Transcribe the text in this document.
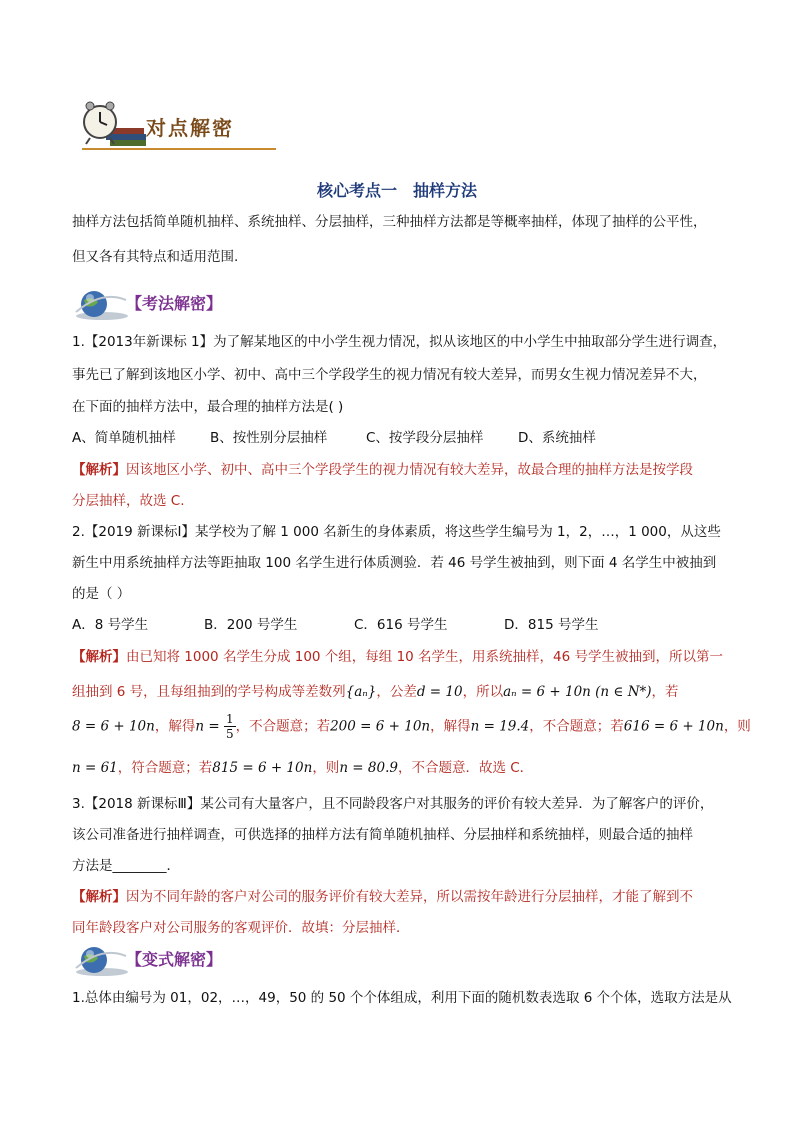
对点解密
核心考点一 抽样方法
抽样方法包括简单随机抽样、系统抽样、分层抽样，三种抽样方法都是等概率抽样，体现了抽样的公平性，
但又各有其特点和适用范围.
【考法解密】
1.【2013年新课标 1】为了解某地区的中小学生视力情况，拟从该地区的中小学生中抽取部分学生进行调查，
事先已了解到该地区小学、初中、高中三个学段学生的视力情况有较大差异，而男女生视力情况差异不大，
在下面的抽样方法中，最合理的抽样方法是( )
A、简单随机抽样	B、按性别分层抽样	C、按学段分层抽样	D、系统抽样
【解析】因该地区小学、初中、高中三个学段学生的视力情况有较大差异，故最合理的抽样方法是按学段
分层抽样，故选 C.
2.【2019 新课标Ⅰ】某学校为了解 1 000 名新生的身体素质，将这些学生编号为 1，2，…，1 000，从这些
新生中用系统抽样方法等距抽取 100 名学生进行体质测验．若 46 号学生被抽到，则下面 4 名学生中被抽到
的是（ ）
A．8 号学生	B．200 号学生	C．616 号学生	D．815 号学生
【解析】由已知将 1000 名学生分成 100 个组，每组 10 名学生，用系统抽样，46 号学生被抽到，所以第一
组抽到 6 号，且每组抽到的学号构成等差数列{aₙ}，公差d = 10，所以aₙ = 6 + 10n (n ∈ N*)，若
8 = 6 + 10n，解得$n = \frac{1}{5}$ ，不合题意；若200 = 6 + 10n，解得n = 19.4，不合题意；若616 = 6 + 10n，则
n = 61，符合题意；若815 = 6 + 10n，则n = 80.9，不合题意．故选 C．
3.【2018 新课标Ⅲ】某公司有大量客户，且不同龄段客户对其服务的评价有较大差异．为了解客户的评价，
该公司准备进行抽样调查，可供选择的抽样方法有简单随机抽样、分层抽样和系统抽样，则最合适的抽样
方法是________．
【解析】因为不同年龄的客户对公司的服务评价有较大差异，所以需按年龄进行分层抽样，才能了解到不
同年龄段客户对公司服务的客观评价．故填：分层抽样．
【变式解密】
1.总体由编号为 01，02，…，49，50 的 50 个个体组成，利用下面的随机数表选取 6 个个体，选取方法是从
